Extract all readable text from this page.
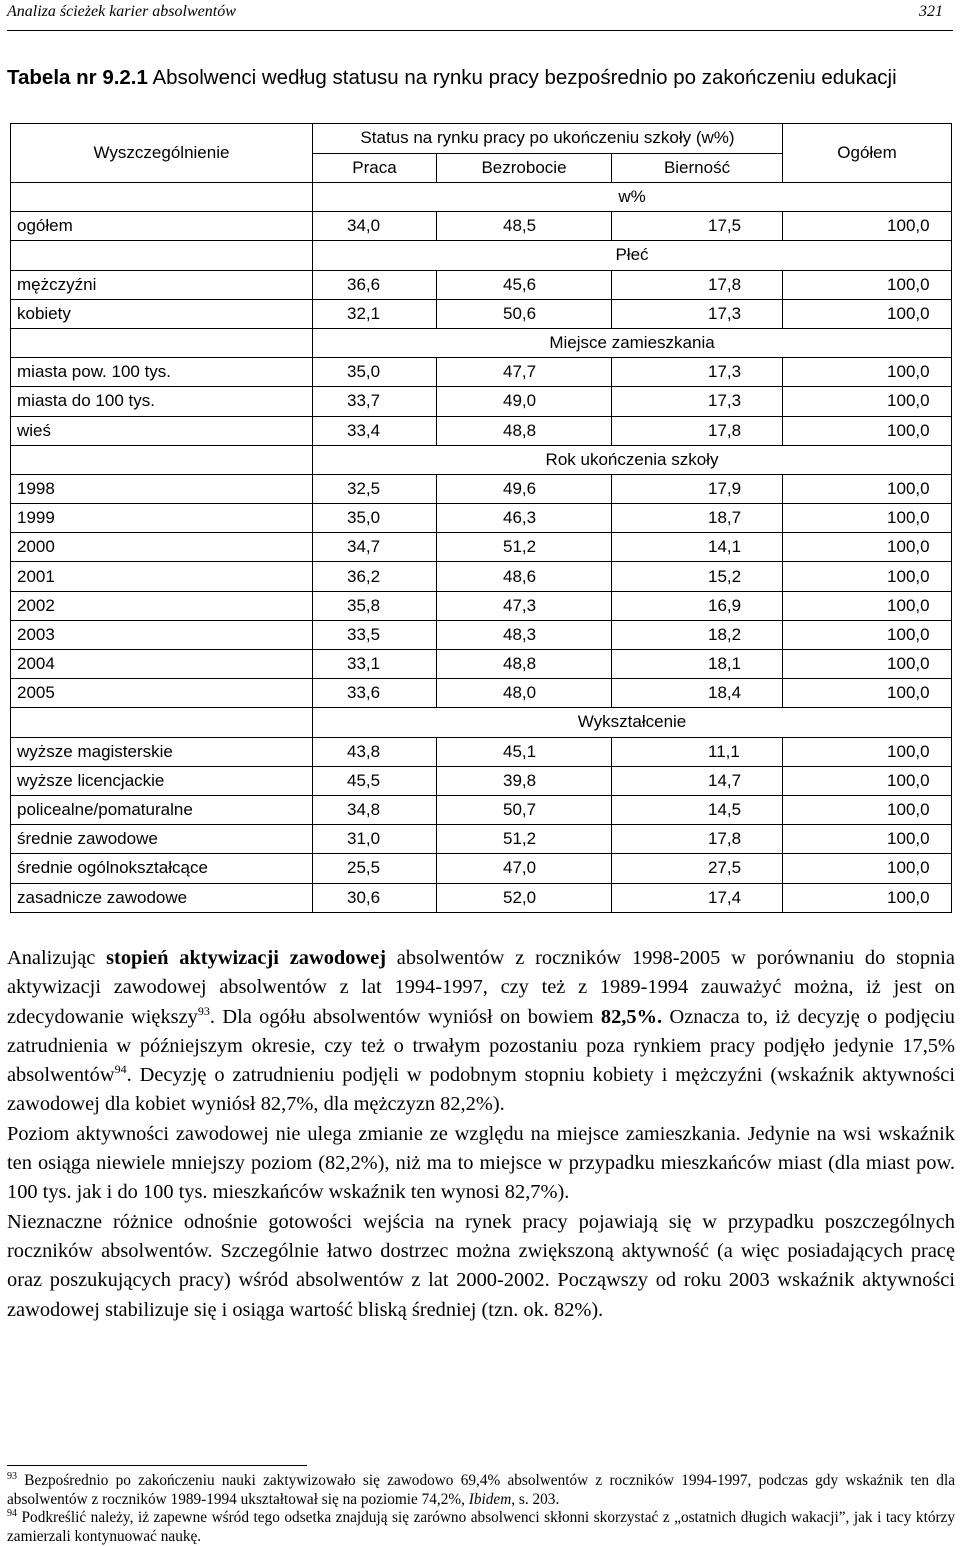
Analiza ścieżek karier absolwentów	321
Tabela nr 9.2.1 Absolwenci według statusu na rynku pracy bezpośrednio po zakończeniu edukacji
Wyszczególnienie	Status na rynku pracy po ukończeniu szkoły (w%)			Ogółem
	Praca	Bezrobocie	Bierność	
	w%			
ogółem	34,0	48,5	17,5	100,0
	Płeć			
mężczyźni	36,6	45,6	17,8	100,0
kobiety	32,1	50,6	17,3	100,0
	Miejsce zamieszkania			
miasta pow. 100 tys.	35,0	47,7	17,3	100,0
miasta do 100 tys.	33,7	49,0	17,3	100,0
wieś	33,4	48,8	17,8	100,0
	Rok ukończenia szkoły			
1998	32,5	49,6	17,9	100,0
1999	35,0	46,3	18,7	100,0
2000	34,7	51,2	14,1	100,0
2001	36,2	48,6	15,2	100,0
2002	35,8	47,3	16,9	100,0
2003	33,5	48,3	18,2	100,0
2004	33,1	48,8	18,1	100,0
2005	33,6	48,0	18,4	100,0
	Wykształcenie			
wyższe magisterskie	43,8	45,1	11,1	100,0
wyższe licencjackie	45,5	39,8	14,7	100,0
policealne/pomaturalne	34,8	50,7	14,5	100,0
średnie zawodowe	31,0	51,2	17,8	100,0
średnie ogólnokształcące	25,5	47,0	27,5	100,0
zasadnicze zawodowe	30,6	52,0	17,4	100,0

Analizując stopień aktywizacji zawodowej absolwentów z roczników 1998-2005 w porównaniu do stopnia aktywizacji zawodowej absolwentów z lat 1994-1997, czy też z 1989-1994 zauważyć można, iż jest on zdecydowanie większy$^{93}$. Dla ogółu absolwentów wyniósł on bowiem 82,5%. Oznacza to, iż decyzję o podjęciu zatrudnienia w późniejszym okresie, czy też o trwałym pozostaniu poza rynkiem pracy podjęło jedynie 17,5% absolwentów$^{94}$. Decyzję o zatrudnieniu podjęli w podobnym stopniu kobiety i mężczyźni (wskaźnik aktywności zawodowej dla kobiet wyniósł 82,7%, dla mężczyzn 82,2%).

Poziom aktywności zawodowej nie ulega zmianie ze względu na miejsce zamieszkania. Jedynie na wsi wskaźnik ten osiąga niewiele mniejszy poziom (82,2%), niż ma to miejsce w przypadku mieszkańców miast (dla miast pow. 100 tys. jak i do 100 tys. mieszkańców wskaźnik ten wynosi 82,7%).

Nieznaczne różnice odnośnie gotowości wejścia na rynek pracy pojawiają się w przypadku poszczególnych roczników absolwentów. Szczególnie łatwo dostrzec można zwiększoną aktywność (a więc posiadających pracę oraz poszukujących pracy) wśród absolwentów z lat 2000-2002. Począwszy od roku 2003 wskaźnik aktywności zawodowej stabilizuje się i osiąga wartość bliską średniej (tzn. ok. 82%).

$^{93}$ Bezpośrednio po zakończeniu nauki zaktywizowało się zawodowo 69,4% absolwentów z roczników 1994-1997, podczas gdy wskaźnik ten dla absolwentów z roczników 1989-1994 ukształtował się na poziomie 74,2%, Ibidem, s. 203.

$^{94}$ Podkreślić należy, iż zapewne wśród tego odsetka znajdują się zarówno absolwenci skłonni skorzystać z „ostatnich długich wakacji”, jak i tacy którzy zamierzali kontynuować naukę.
